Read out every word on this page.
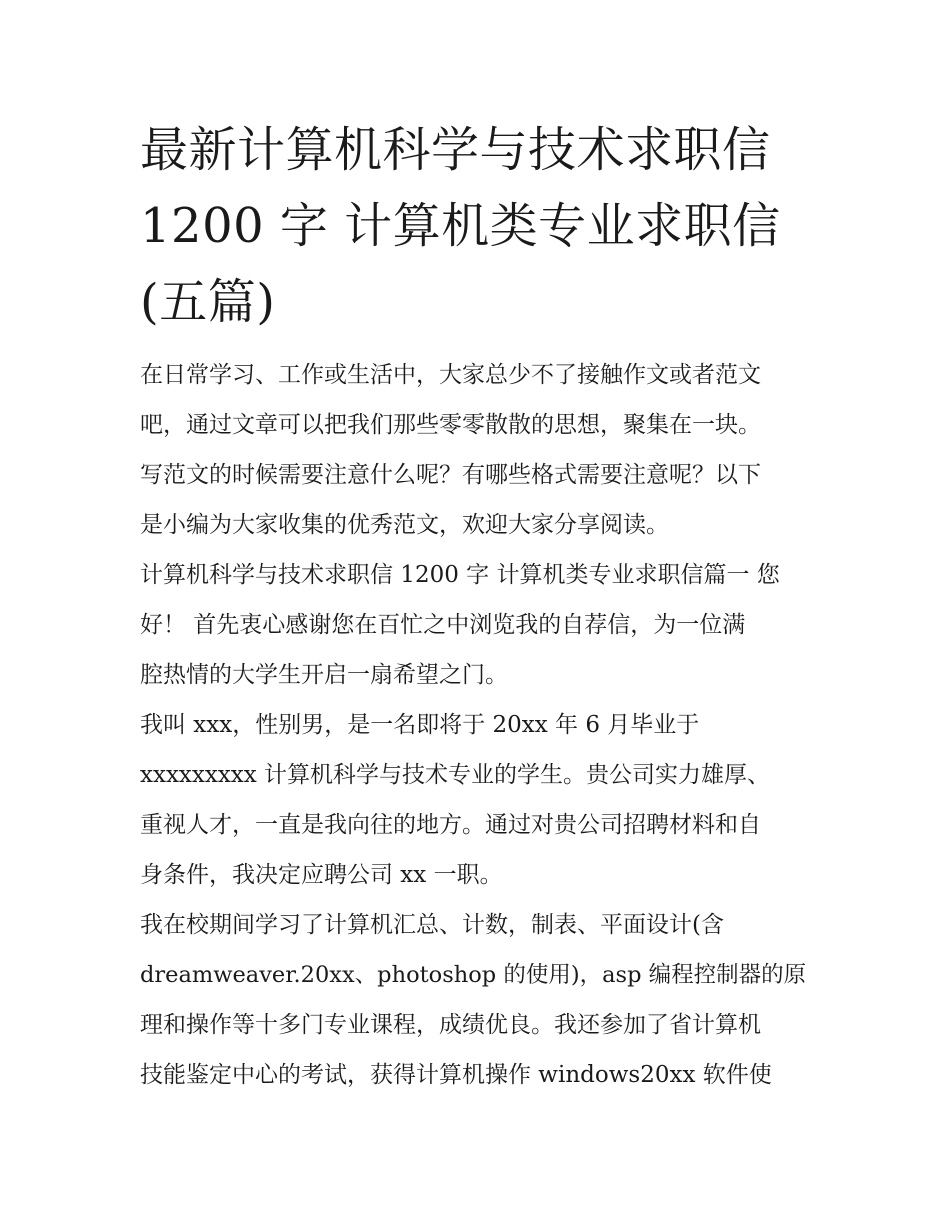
最新计算机科学与技术求职信
1200 字 计算机类专业求职信
(五篇)

在日常学习、工作或生活中，大家总少不了接触作文或者范文
吧，通过文章可以把我们那些零零散散的思想，聚集在一块。
写范文的时候需要注意什么呢？有哪些格式需要注意呢？以下
是小编为大家收集的优秀范文，欢迎大家分享阅读。

计算机科学与技术求职信 1200 字 计算机类专业求职信篇一 您
好！ 首先衷心感谢您在百忙之中浏览我的自荐信，为一位满
腔热情的大学生开启一扇希望之门。

我叫 xxx，性别男，是一名即将于 20xx 年 6 月毕业于
xxxxxxxxx 计算机科学与技术专业的学生。贵公司实力雄厚、
重视人才，一直是我向往的地方。通过对贵公司招聘材料和自
身条件，我决定应聘公司 xx 一职。

我在校期间学习了计算机汇总、计数，制表、平面设计(含
dreamweaver.20xx、photoshop 的使用)，asp 编程控制器的原
理和操作等十多门专业课程，成绩优良。我还参加了省计算机
技能鉴定中心的考试，获得计算机操作 windows20xx 软件使
